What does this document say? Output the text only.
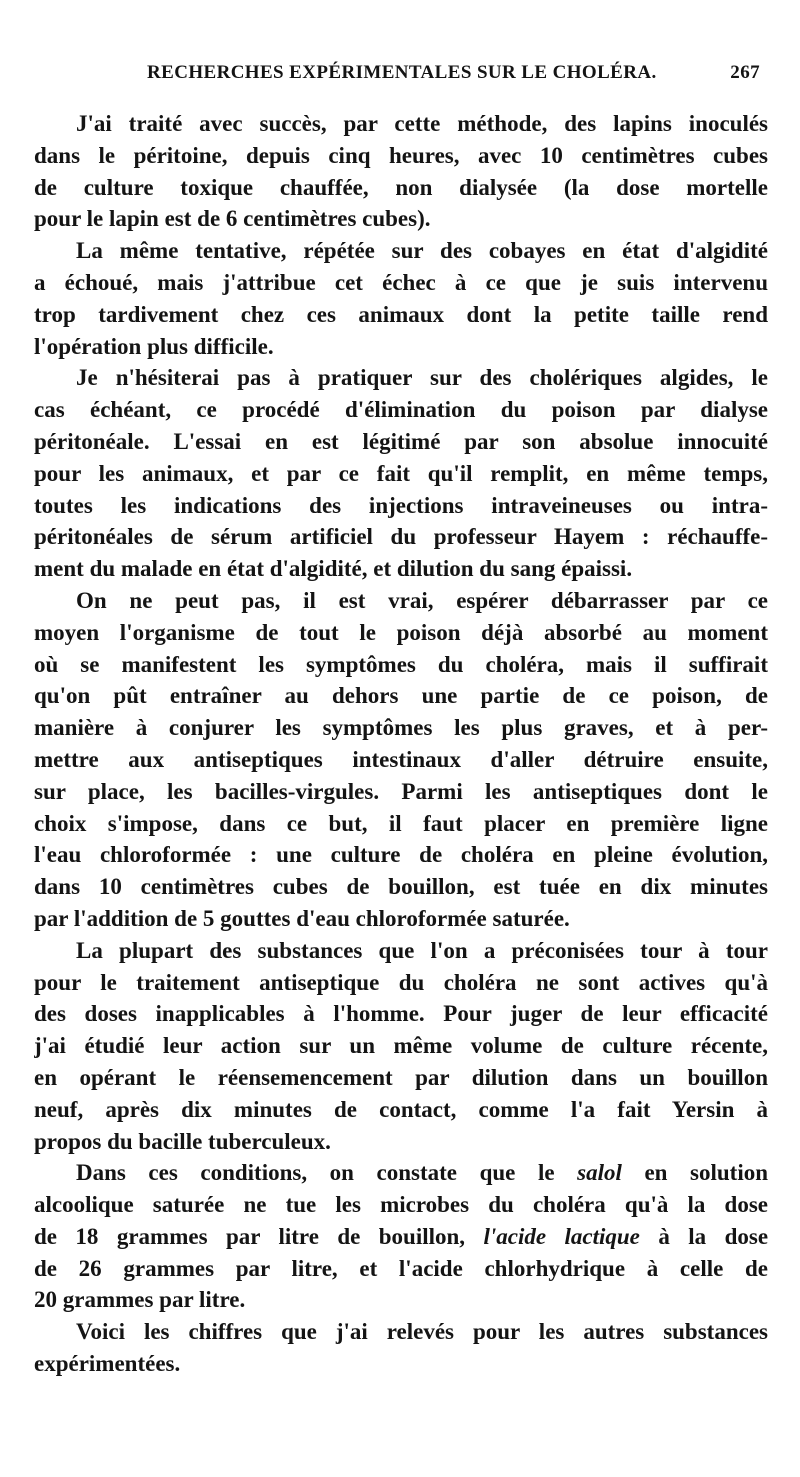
RECHERCHES EXPÉRIMENTALES SUR LE CHOLÉRA.	267
J'ai traité avec succès, par cette méthode, des lapins inoculés
dans le péritoine, depuis cinq heures, avec 10 centimètres cubes
de culture toxique chauffée, non dialysée (la dose mortelle
pour le lapin est de 6 centimètres cubes).
La même tentative, répétée sur des cobayes en état d'algidité
a échoué, mais j'attribue cet échec à ce que je suis intervenu
trop tardivement chez ces animaux dont la petite taille rend
l'opération plus difficile.
Je n'hésiterai pas à pratiquer sur des cholériques algides, le
cas échéant, ce procédé d'élimination du poison par dialyse
péritonéale. L'essai en est légitimé par son absolue innocuité
pour les animaux, et par ce fait qu'il remplit, en même temps,
toutes les indications des injections intraveineuses ou intra-
péritonéales de sérum artificiel du professeur Hayem : réchauffe-
ment du malade en état d'algidité, et dilution du sang épaissi.
On ne peut pas, il est vrai, espérer débarrasser par ce
moyen l'organisme de tout le poison déjà absorbé au moment
où se manifestent les symptômes du choléra, mais il suffirait
qu'on pût entraîner au dehors une partie de ce poison, de
manière à conjurer les symptômes les plus graves, et à per-
mettre aux antiseptiques intestinaux d'aller détruire ensuite,
sur place, les bacilles-virgules. Parmi les antiseptiques dont le
choix s'impose, dans ce but, il faut placer en première ligne
l'eau chloroformée : une culture de choléra en pleine évolution,
dans 10 centimètres cubes de bouillon, est tuée en dix minutes
par l'addition de 5 gouttes d'eau chloroformée saturée.
La plupart des substances que l'on a préconisées tour à tour
pour le traitement antiseptique du choléra ne sont actives qu'à
des doses inapplicables à l'homme. Pour juger de leur efficacité
j'ai étudié leur action sur un même volume de culture récente,
en opérant le réensemencement par dilution dans un bouillon
neuf, après dix minutes de contact, comme l'a fait Yersin à
propos du bacille tuberculeux.
Dans ces conditions, on constate que le salol en solution
alcoolique saturée ne tue les microbes du choléra qu'à la dose
de 18 grammes par litre de bouillon, l'acide lactique à la dose
de 26 grammes par litre, et l'acide chlorhydrique à celle de
20 grammes par litre.
Voici les chiffres que j'ai relevés pour les autres substances
expérimentées.
